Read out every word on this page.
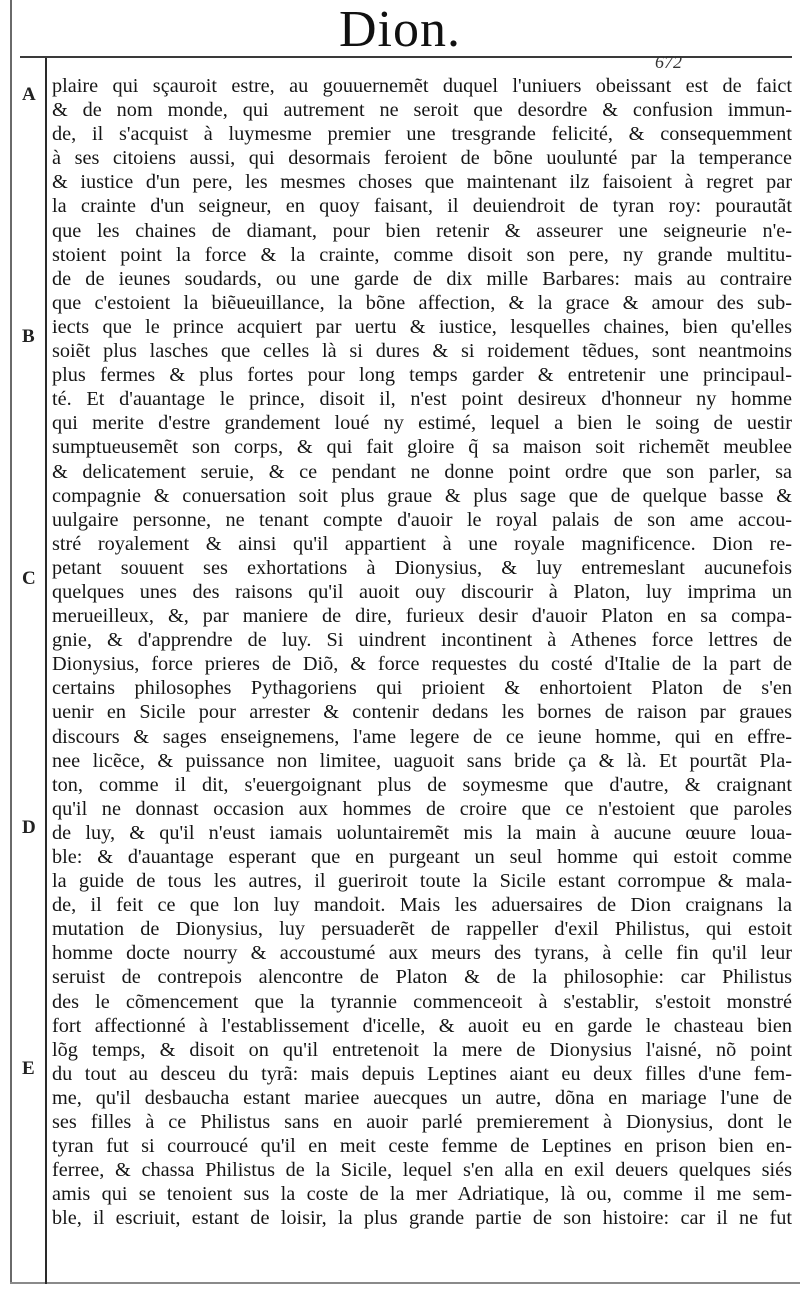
Dion.
672
A
B
C
D
E
plaire qui sçauroit estre, au gouuernemẽt duquel l'uniuers obeissant est de faict
& de nom monde, qui autrement ne seroit que desordre & confusion immun-
de, il s'acquist à luymesme premier une tresgrande felicité, & consequemment
à ses citoiens aussi, qui desormais feroient de bõne uoulunté par la temperance
& iustice d'un pere, les mesmes choses que maintenant ilz faisoient à regret par
la crainte d'un seigneur, en quoy faisant, il deuiendroit de tyran roy: pourautãt
que les chaines de diamant, pour bien retenir & asseurer une seigneurie n'e-
stoient point la force & la crainte, comme disoit son pere, ny grande multitu-
de de ieunes soudards, ou une garde de dix mille Barbares: mais au contraire
que c'estoient la biẽueuillance, la bõne affection, & la grace & amour des sub-
iects que le prince acquiert par uertu & iustice, lesquelles chaines, bien qu'elles
soiẽt plus lasches que celles là si dures & si roidement tẽdues, sont neantmoins
plus fermes & plus fortes pour long temps garder & entretenir une principaul-
té. Et d'auantage le prince, disoit il, n'est point desireux d'honneur ny homme
qui merite d'estre grandement loué ny estimé, lequel a bien le soing de uestir
sumptueusemẽt son corps, & qui fait gloire q̃ sa maison soit richemẽt meublee
& delicatement seruie, & ce pendant ne donne point ordre que son parler, sa
compagnie & conuersation soit plus graue & plus sage que de quelque basse &
uulgaire personne, ne tenant compte d'auoir le royal palais de son ame accou-
stré royalement & ainsi qu'il appartient à une royale magnificence. Dion re-
petant souuent ses exhortations à Dionysius, & luy entremeslant aucunefois
quelques unes des raisons qu'il auoit ouy discourir à Platon, luy imprima un
merueilleux, &, par maniere de dire, furieux desir d'auoir Platon en sa compa-
gnie, & d'apprendre de luy. Si uindrent incontinent à Athenes force lettres de
Dionysius, force prieres de Diõ, & force requestes du costé d'Italie de la part de
certains philosophes Pythagoriens qui prioient & enhortoient Platon de s'en
uenir en Sicile pour arrester & contenir dedans les bornes de raison par graues
discours & sages enseignemens, l'ame legere de ce ieune homme, qui en effre-
nee licẽce, & puissance non limitee, uaguoit sans bride ça & là. Et pourtãt Pla-
ton, comme il dit, s'euergoignant plus de soymesme que d'autre, & craignant
qu'il ne donnast occasion aux hommes de croire que ce n'estoient que paroles
de luy, & qu'il n'eust iamais uoluntairemẽt mis la main à aucune œuure loua-
ble: & d'auantage esperant que en purgeant un seul homme qui estoit comme
la guide de tous les autres, il gueriroit toute la Sicile estant corrompue & mala-
de, il feit ce que lon luy mandoit. Mais les aduersaires de Dion craignans la
mutation de Dionysius, luy persuaderẽt de rappeller d'exil Philistus, qui estoit
homme docte nourry & accoustumé aux meurs des tyrans, à celle fin qu'il leur
seruist de contrepois alencontre de Platon & de la philosophie: car Philistus
des le cõmencement que la tyrannie commenceoit à s'establir, s'estoit monstré
fort affectionné à l'establissement d'icelle, & auoit eu en garde le chasteau bien
lõg temps, & disoit on qu'il entretenoit la mere de Dionysius l'aisné, nõ point
du tout au desceu du tyrã: mais depuis Leptines aiant eu deux filles d'une fem-
me, qu'il desbaucha estant mariee auecques un autre, dõna en mariage l'une de
ses filles à ce Philistus sans en auoir parlé premierement à Dionysius, dont le
tyran fut si courroucé qu'il en meit ceste femme de Leptines en prison bien en-
ferree, & chassa Philistus de la Sicile, lequel s'en alla en exil deuers quelques siés
amis qui se tenoient sus la coste de la mer Adriatique, là ou, comme il me sem-
ble, il escriuit, estant de loisir, la plus grande partie de son histoire: car il ne fut
